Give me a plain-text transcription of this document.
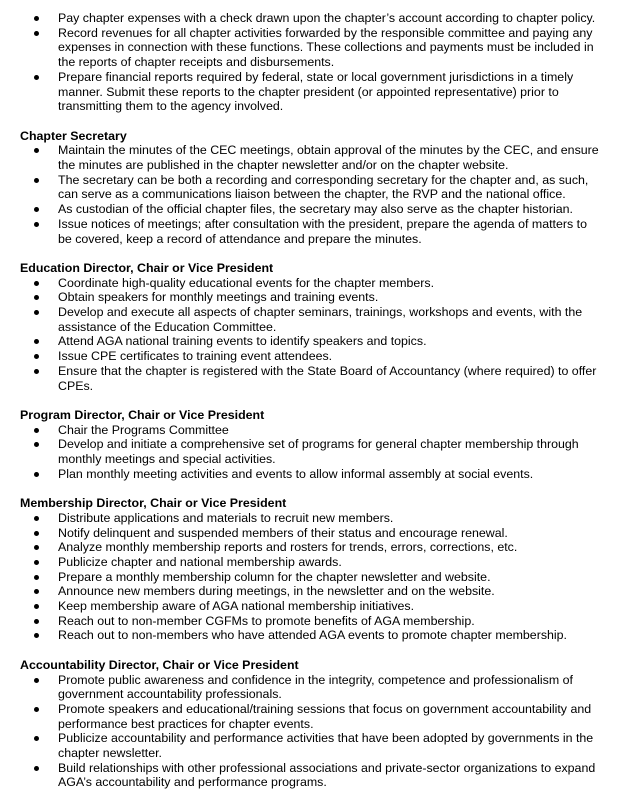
Pay chapter expenses with a check drawn upon the chapter’s account according to chapter policy.
Record revenues for all chapter activities forwarded by the responsible committee and paying any expenses in connection with these functions. These collections and payments must be included in the reports of chapter receipts and disbursements.
Prepare financial reports required by federal, state or local government jurisdictions in a timely manner. Submit these reports to the chapter president (or appointed representative) prior to transmitting them to the agency involved.
Chapter Secretary
Maintain the minutes of the CEC meetings, obtain approval of the minutes by the CEC, and ensure the minutes are published in the chapter newsletter and/or on the chapter website.
The secretary can be both a recording and corresponding secretary for the chapter and, as such, can serve as a communications liaison between the chapter, the RVP and the national office.
As custodian of the official chapter files, the secretary may also serve as the chapter historian.
Issue notices of meetings; after consultation with the president, prepare the agenda of matters to be covered, keep a record of attendance and prepare the minutes.
Education Director, Chair or Vice President
Coordinate high-quality educational events for the chapter members.
Obtain speakers for monthly meetings and training events.
Develop and execute all aspects of chapter seminars, trainings, workshops and events, with the assistance of the Education Committee.
Attend AGA national training events to identify speakers and topics.
Issue CPE certificates to training event attendees.
Ensure that the chapter is registered with the State Board of Accountancy (where required) to offer CPEs.
Program Director, Chair or Vice President
Chair the Programs Committee
Develop and initiate a comprehensive set of programs for general chapter membership through monthly meetings and special activities.
Plan monthly meeting activities and events to allow informal assembly at social events.
Membership Director, Chair or Vice President
Distribute applications and materials to recruit new members.
Notify delinquent and suspended members of their status and encourage renewal.
Analyze monthly membership reports and rosters for trends, errors, corrections, etc.
Publicize chapter and national membership awards.
Prepare a monthly membership column for the chapter newsletter and website.
Announce new members during meetings, in the newsletter and on the website.
Keep membership aware of AGA national membership initiatives.
Reach out to non-member CGFMs to promote benefits of AGA membership.
Reach out to non-members who have attended AGA events to promote chapter membership.
Accountability Director, Chair or Vice President
Promote public awareness and confidence in the integrity, competence and professionalism of government accountability professionals.
Promote speakers and educational/training sessions that focus on government accountability and performance best practices for chapter events.
Publicize accountability and performance activities that have been adopted by governments in the chapter newsletter.
Build relationships with other professional associations and private-sector organizations to expand AGA’s accountability and performance programs.
